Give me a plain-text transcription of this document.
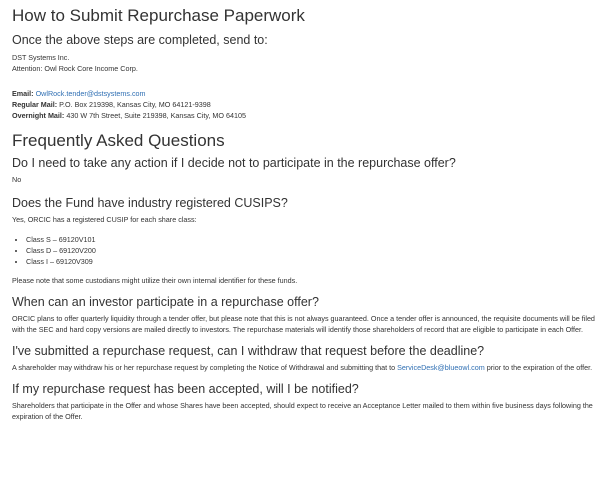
How to Submit Repurchase Paperwork
Once the above steps are completed, send to:

DST Systems Inc.

Attention: Owl Rock Core Income Corp.

Email: OwlRock.tender@dstsystems.com

Regular Mail: P.O. Box 219398, Kansas City, MO 64121-9398

Overnight Mail: 430 W 7th Street, Suite 219398, Kansas City, MO 64105

Frequently Asked Questions
Do I need to take any action if I decide not to participate in the repurchase offer?

No

Does the Fund have industry registered CUSIPS?

Yes, ORCIC has a registered CUSIP for each share class:

• Class S – 69120V101
• Class D – 69120V200
• Class I – 69120V309

Please note that some custodians might utilize their own internal identifier for these funds.

When can an investor participate in a repurchase offer?

ORCIC plans to offer quarterly liquidity through a tender offer, but please note that this is not always guaranteed. Once a tender offer is announced, the requisite documents will be filed with the SEC and hard copy versions are mailed directly to investors. The repurchase materials will identify those shareholders of record that are eligible to participate in each Offer.

I've submitted a repurchase request, can I withdraw that request before the deadline?

A shareholder may withdraw his or her repurchase request by completing the Notice of Withdrawal and submitting that to ServiceDesk@blueowl.com prior to the expiration of the offer.

If my repurchase request has been accepted, will I be notified?

Shareholders that participate in the Offer and whose Shares have been accepted, should expect to receive an Acceptance Letter mailed to them within five business days following the expiration of the Offer.
